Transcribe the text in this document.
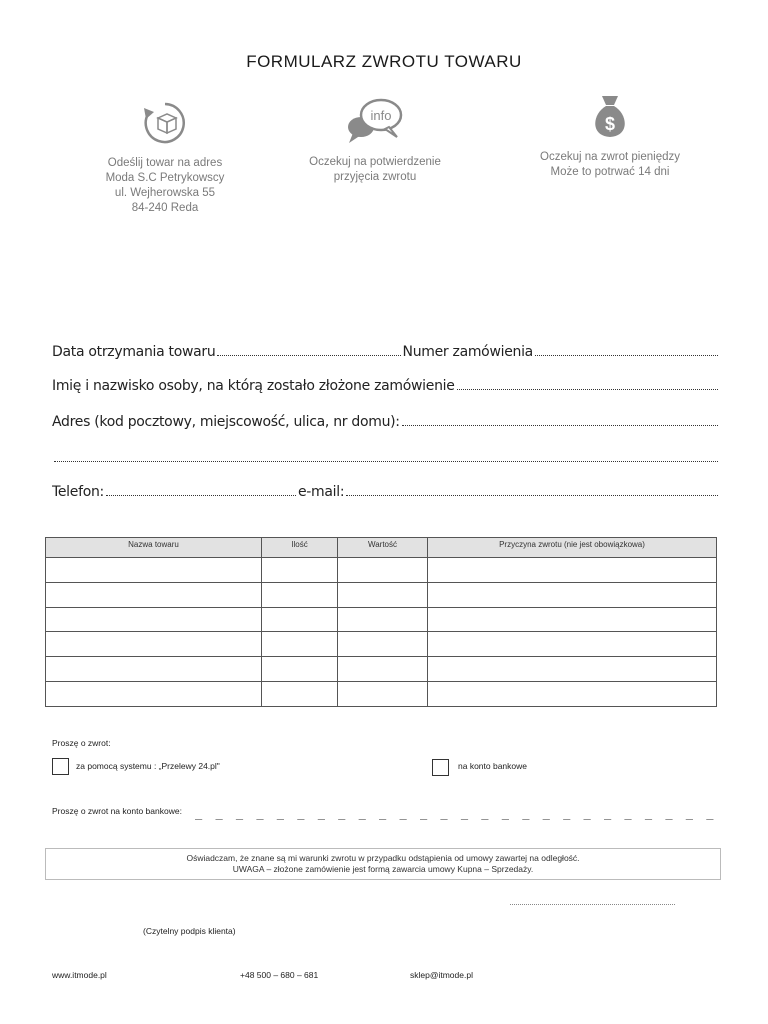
FORMULARZ ZWROTU TOWARU
Odeślij towar na adres
Moda S.C Petrykowscy
ul. Wejherowska 55
84-240 Reda
info
Oczekuj na potwierdzenie
przyjęcia zwrotu
$
Oczekuj na zwrot pieniędzy
Może to potrwać 14 dni
Data otrzymania towaru	Numer zamówienia
Imię i nazwisko osoby, na którą zostało złożone zamówienie
Adres (kod pocztowy, miejscowość, ulica, nr domu):
Telefon:	e-mail:
Nazwa towaru	Ilość	Wartość	Przyczyna zwrotu (nie jest obowiązkowa)

Proszę o zwrot:
za pomocą systemu : „Przelewy 24.pl"	na konto bankowe
Proszę o zwrot na konto bankowe: _ _ _ _ _ _ _ _ _ _ _ _ _ _ _ _ _ _ _ _ _ _ _ _ _ _
Oświadczam, że znane są mi warunki zwrotu w przypadku odstąpienia od umowy zawartej na odległość.
UWAGA – złożone zamówienie jest formą zawarcia umowy Kupna – Sprzedaży.
(Czytelny podpis klienta)
www.itmode.pl	+48 500 – 680 – 681	sklep@itmode.pl
